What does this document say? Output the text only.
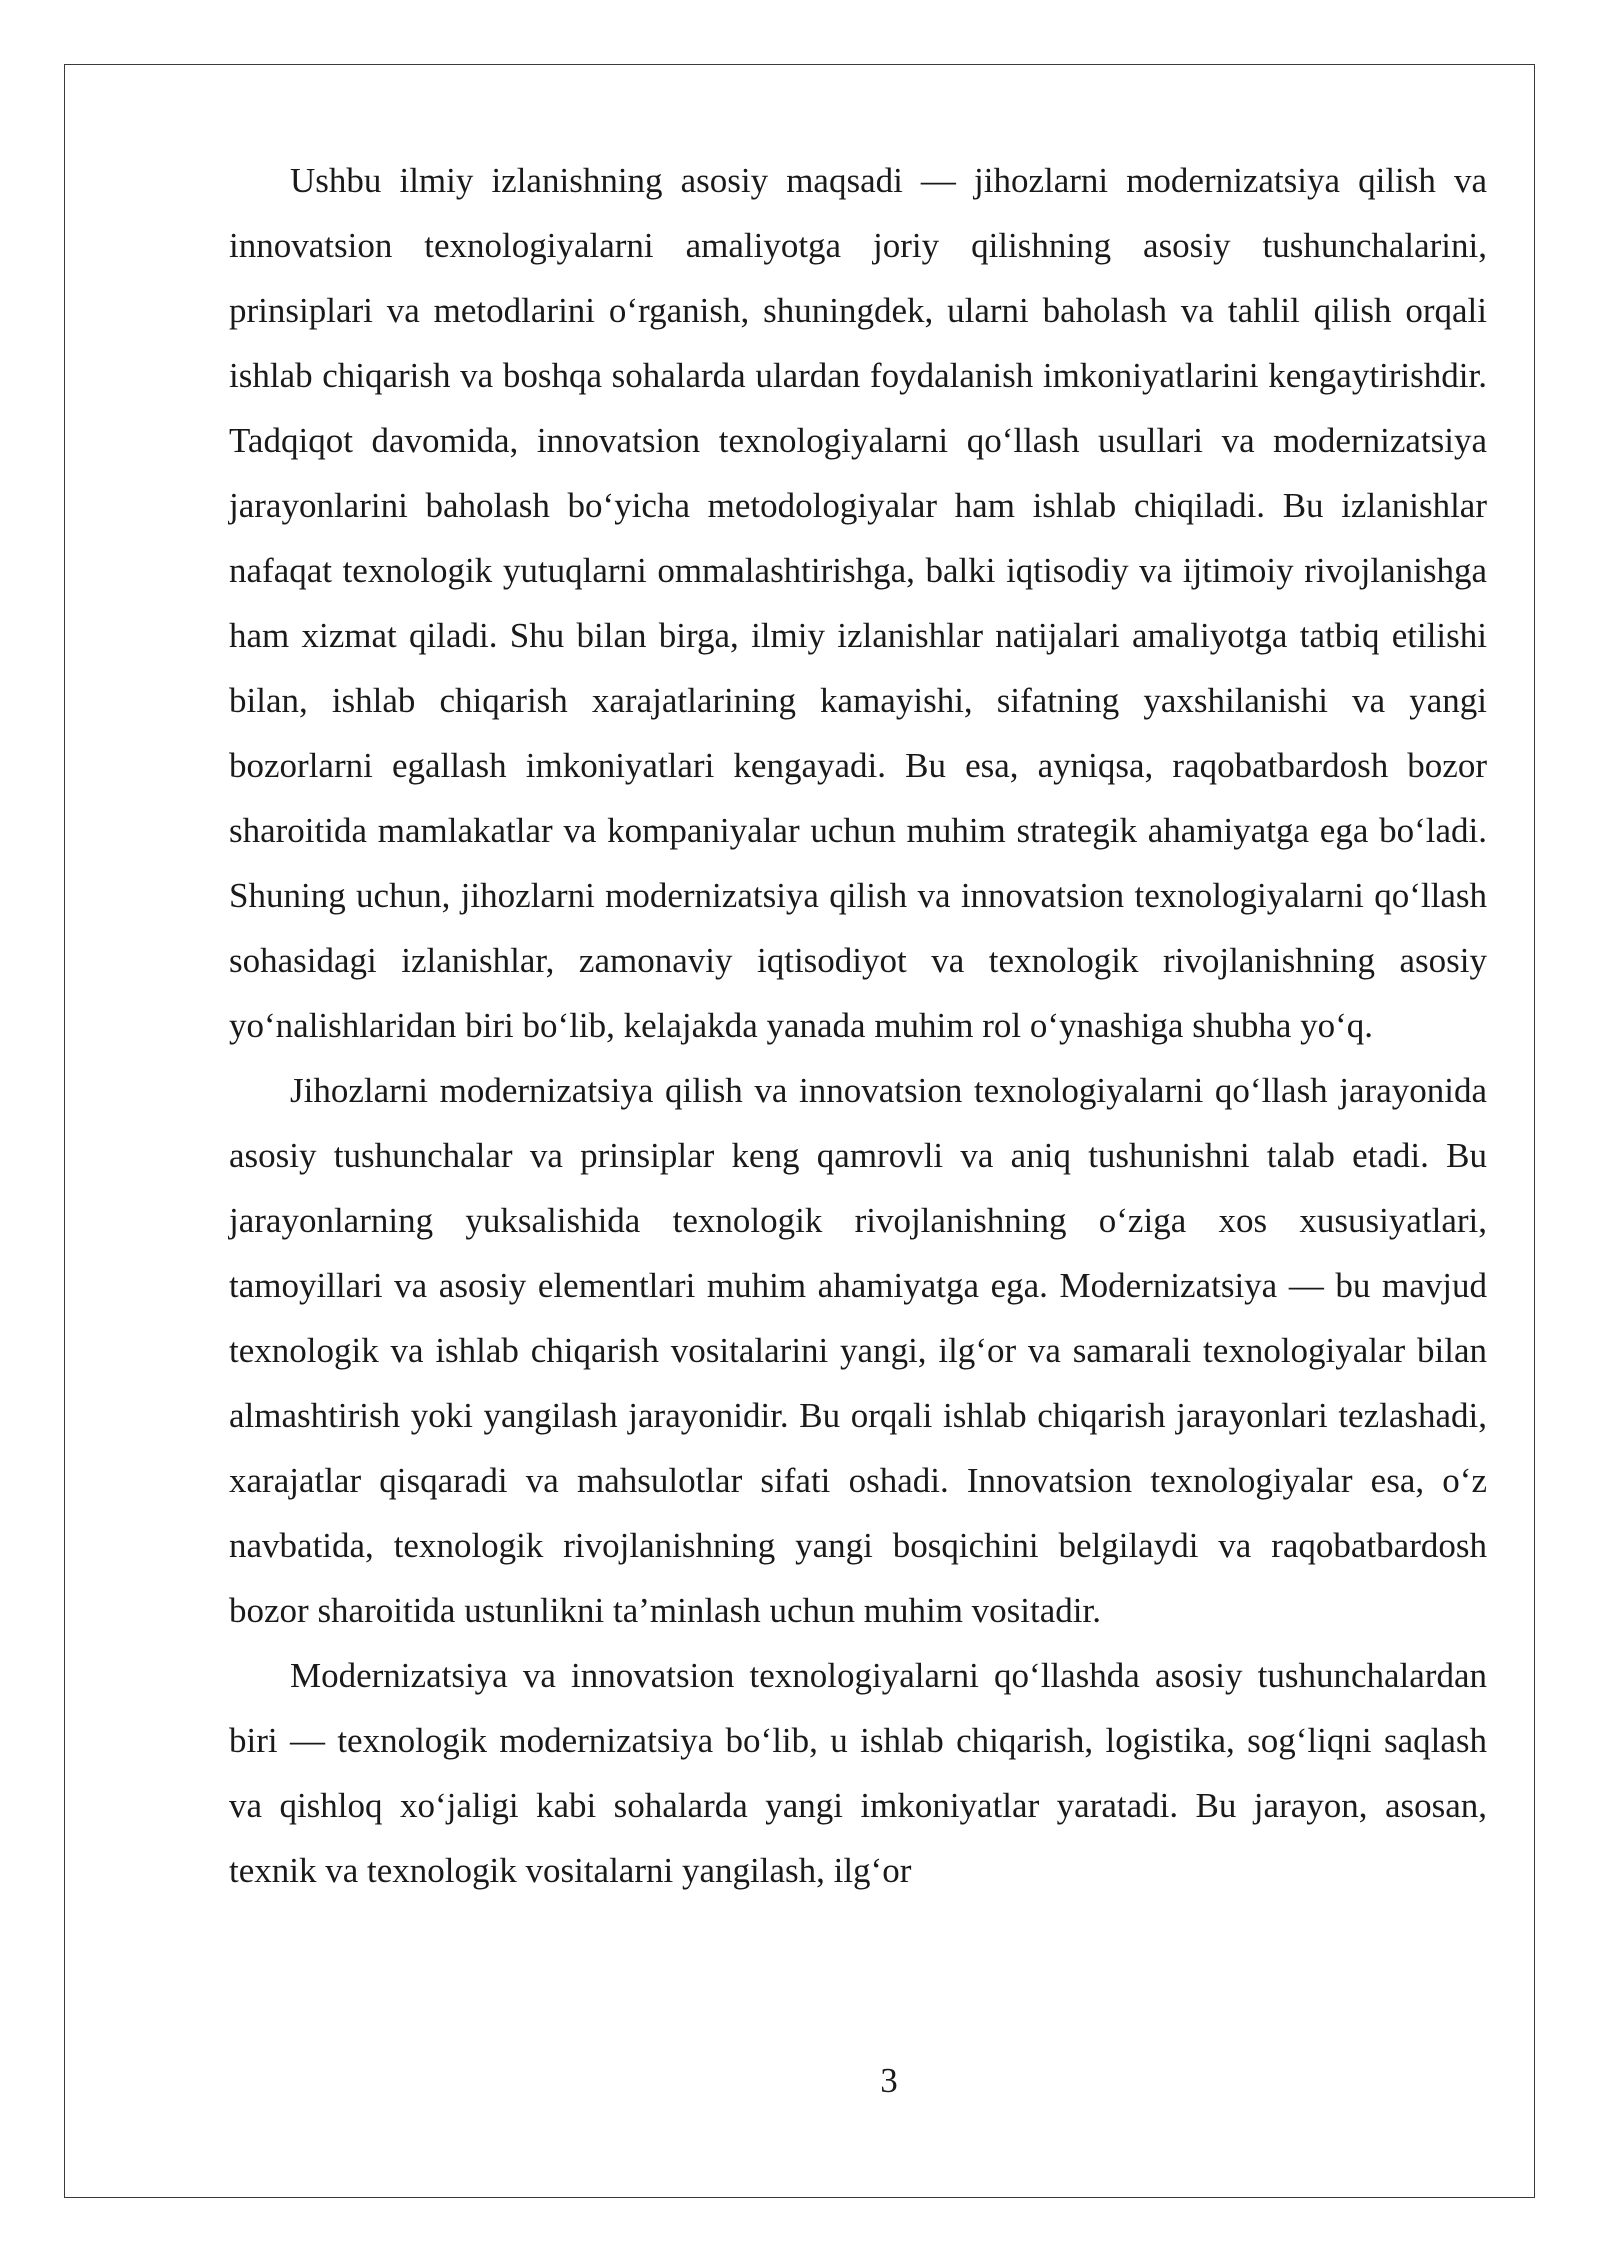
Ushbu ilmiy izlanishning asosiy maqsadi — jihozlarni modernizatsiya qilish va innovatsion texnologiyalarni amaliyotga joriy qilishning asosiy tushunchalarini, prinsiplari va metodlarini o‘rganish, shuningdek, ularni baholash va tahlil qilish orqali ishlab chiqarish va boshqa sohalarda ulardan foydalanish imkoniyatlarini kengaytirishdir. Tadqiqot davomida, innovatsion texnologiyalarni qo‘llash usullari va modernizatsiya jarayonlarini baholash bo‘yicha metodologiyalar ham ishlab chiqiladi. Bu izlanishlar nafaqat texnologik yutuqlarni ommalashtirishga, balki iqtisodiy va ijtimoiy rivojlanishga ham xizmat qiladi. Shu bilan birga, ilmiy izlanishlar natijalari amaliyotga tatbiq etilishi bilan, ishlab chiqarish xarajatlarining kamayishi, sifatning yaxshilanishi va yangi bozorlarni egallash imkoniyatlari kengayadi. Bu esa, ayniqsa, raqobatbardosh bozor sharoitida mamlakatlar va kompaniyalar uchun muhim strategik ahamiyatga ega bo‘ladi. Shuning uchun, jihozlarni modernizatsiya qilish va innovatsion texnologiyalarni qo‘llash sohasidagi izlanishlar, zamonaviy iqtisodiyot va texnologik rivojlanishning asosiy yo‘nalishlaridan biri bo‘lib, kelajakda yanada muhim rol o‘ynashiga shubha yo‘q.

Jihozlarni modernizatsiya qilish va innovatsion texnologiyalarni qo‘llash jarayonida asosiy tushunchalar va prinsiplar keng qamrovli va aniq tushunishni talab etadi. Bu jarayonlarning yuksalishida texnologik rivojlanishning o‘ziga xos xususiyatlari, tamoyillari va asosiy elementlari muhim ahamiyatga ega. Modernizatsiya — bu mavjud texnologik va ishlab chiqarish vositalarini yangi, ilg‘or va samarali texnologiyalar bilan almashtirish yoki yangilash jarayonidir. Bu orqali ishlab chiqarish jarayonlari tezlashadi, xarajatlar qisqaradi va mahsulotlar sifati oshadi. Innovatsion texnologiyalar esa, o‘z navbatida, texnologik rivojlanishning yangi bosqichini belgilaydi va raqobatbardosh bozor sharoitida ustunlikni ta’minlash uchun muhim vositadir.

Modernizatsiya va innovatsion texnologiyalarni qo‘llashda asosiy tushunchalardan biri — texnologik modernizatsiya bo‘lib, u ishlab chiqarish, logistika, sog‘liqni saqlash va qishloq xo‘jaligi kabi sohalarda yangi imkoniyatlar yaratadi. Bu jarayon, asosan, texnik va texnologik vositalarni yangilash, ilg‘or

3
